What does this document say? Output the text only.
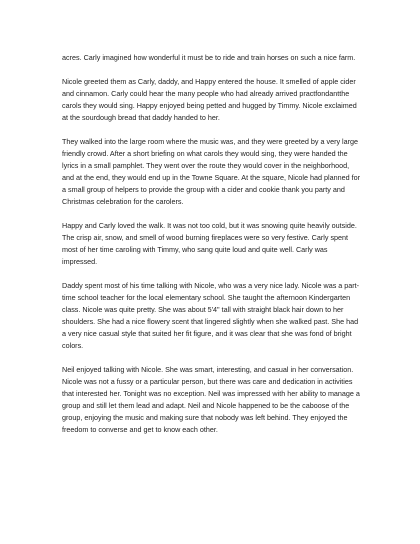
acres. Carly imagined how wonderful it must be to ride and train horses on such a nice farm.

Nicole greeted them as Carly, daddy, and Happy entered the house. It smelled of apple cider and cinnamon. Carly could hear the many people who had already arrived practfondantthe carols they would sing. Happy enjoyed being petted and hugged by Timmy. Nicole exclaimed at the sourdough bread that daddy handed to her.

They walked into the large room where the music was, and they were greeted by a very large friendly crowd. After a short briefing on what carols they would sing, they were handed the lyrics in a small pamphlet. They went over the route they would cover in the neighborhood, and at the end, they would end up in the Towne Square. At the square, Nicole had planned for a small group of helpers to provide the group with a cider and cookie thank you party and Christmas celebration for the carolers.

Happy and Carly loved the walk. It was not too cold, but it was snowing quite heavily outside. The crisp air, snow, and smell of wood burning fireplaces were so very festive. Carly spent most of her time caroling with Timmy, who sang quite loud and quite well. Carly was impressed.

Daddy spent most of his time talking with Nicole, who was a very nice lady. Nicole was a part-time school teacher for the local elementary school. She taught the afternoon Kindergarten class. Nicole was quite pretty. She was about 5'4" tall with straight black hair down to her shoulders. She had a nice flowery scent that lingered slightly when she walked past. She had a very nice casual style that suited her fit figure, and it was clear that she was fond of bright colors.

Neil enjoyed talking with Nicole. She was smart, interesting, and casual in her conversation. Nicole was not a fussy or a particular person, but there was care and dedication in activities that interested her. Tonight was no exception. Neil was impressed with her ability to manage a group and still let them lead and adapt. Neil and Nicole happened to be the caboose of the group, enjoying the music and making sure that nobody was left behind. They enjoyed the freedom to converse and get to know each other.
